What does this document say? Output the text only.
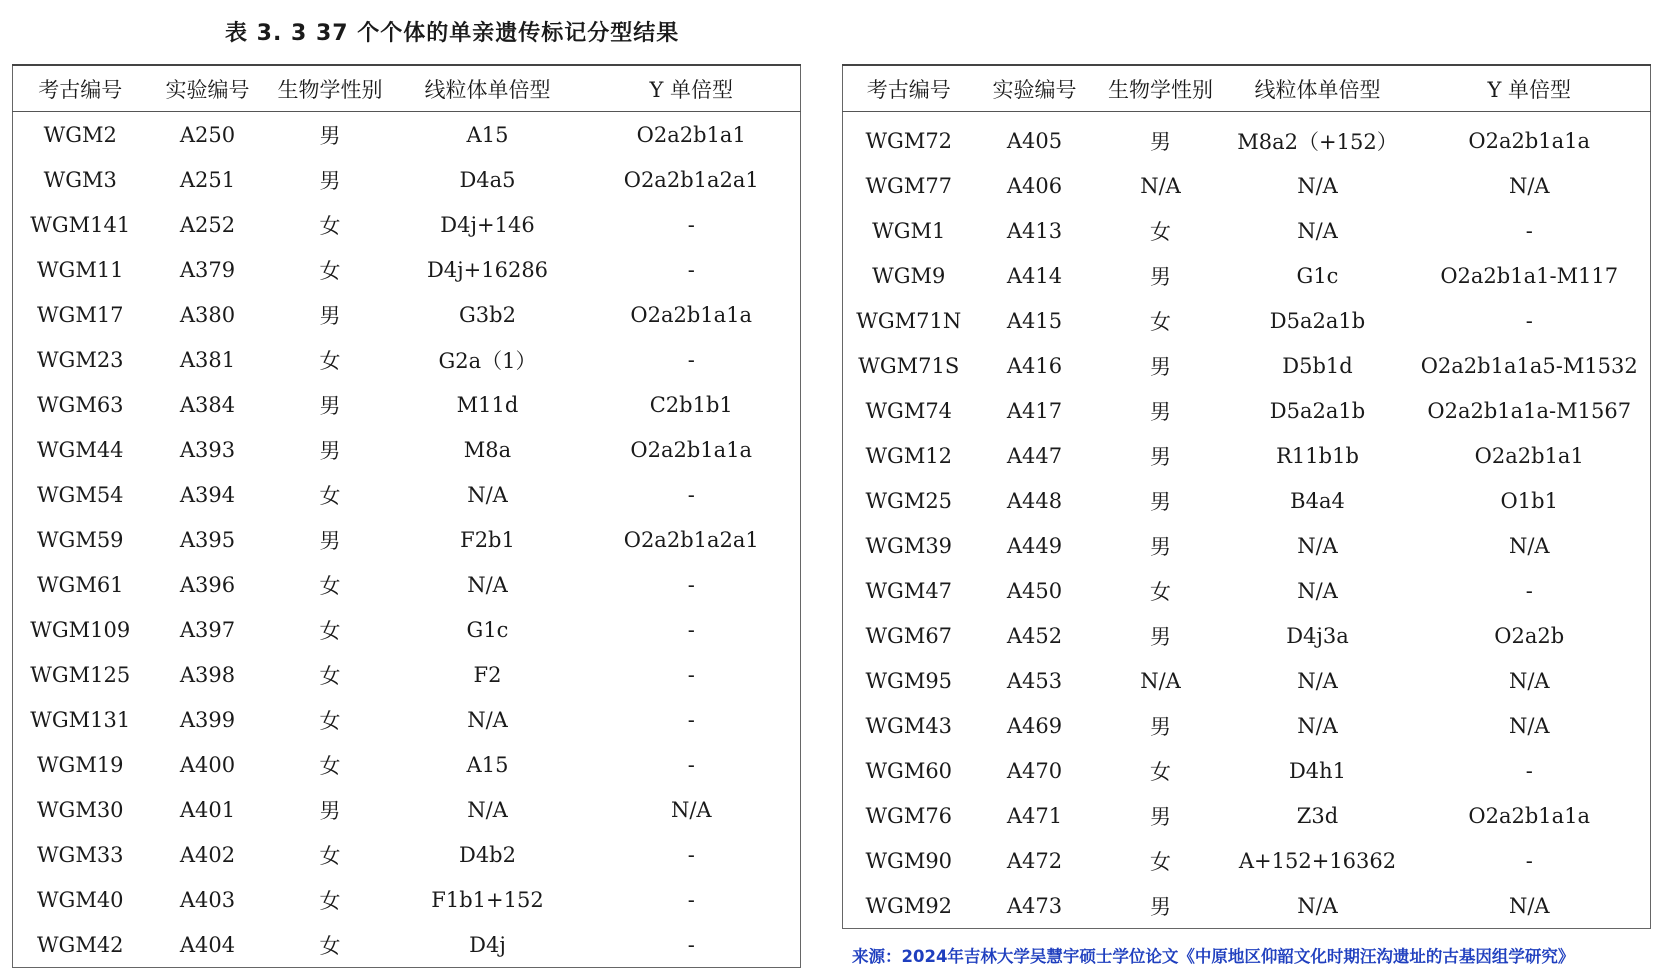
表 3. 3 37 个个体的单亲遗传标记分型结果
考古编号	实验编号	生物学性别	线粒体单倍型	Y 单倍型
WGM2	A250	男	A15	O2a2b1a1
WGM3	A251	男	D4a5	O2a2b1a2a1
WGM141	A252	女	D4j+146	-
WGM11	A379	女	D4j+16286	-
WGM17	A380	男	G3b2	O2a2b1a1a
WGM23	A381	女	G2a（1）	-
WGM63	A384	男	M11d	C2b1b1
WGM44	A393	男	M8a	O2a2b1a1a
WGM54	A394	女	N/A	-
WGM59	A395	男	F2b1	O2a2b1a2a1
WGM61	A396	女	N/A	-
WGM109	A397	女	G1c	-
WGM125	A398	女	F2	-
WGM131	A399	女	N/A	-
WGM19	A400	女	A15	-
WGM30	A401	男	N/A	N/A
WGM33	A402	女	D4b2	-
WGM40	A403	女	F1b1+152	-
WGM42	A404	女	D4j	-
考古编号	实验编号	生物学性别	线粒体单倍型	Y 单倍型
WGM72	A405	男	M8a2（+152）	O2a2b1a1a
WGM77	A406	N/A	N/A	N/A
WGM1	A413	女	N/A	-
WGM9	A414	男	G1c	O2a2b1a1-M117
WGM71N	A415	女	D5a2a1b	-
WGM71S	A416	男	D5b1d	O2a2b1a1a5-M1532
WGM74	A417	男	D5a2a1b	O2a2b1a1a-M1567
WGM12	A447	男	R11b1b	O2a2b1a1
WGM25	A448	男	B4a4	O1b1
WGM39	A449	男	N/A	N/A
WGM47	A450	女	N/A	-
WGM67	A452	男	D4j3a	O2a2b
WGM95	A453	N/A	N/A	N/A
WGM43	A469	男	N/A	N/A
WGM60	A470	女	D4h1	-
WGM76	A471	男	Z3d	O2a2b1a1a
WGM90	A472	女	A+152+16362	-
WGM92	A473	男	N/A	N/A
来源：2024年吉林大学吴慧宇硕士学位论文《中原地区仰韶文化时期汪沟遗址的古基因组学研究》
